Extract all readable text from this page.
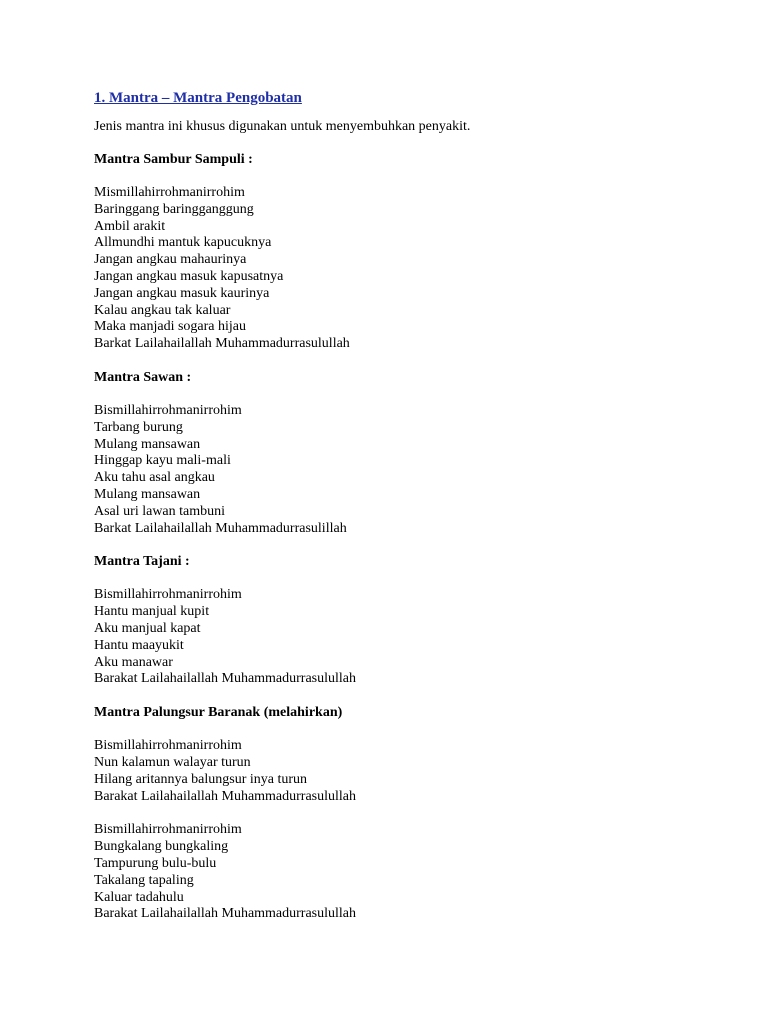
1. Mantra – Mantra Pengobatan
Jenis mantra ini khusus digunakan untuk menyembuhkan penyakit.
Mantra Sambur Sampuli :
Mismillahirrohmanirrohim
Baringgang baringganggung
Ambil arakit
Allmundhi mantuk kapucuknya
Jangan angkau mahaurinya
Jangan angkau masuk kapusatnya
Jangan angkau masuk kaurinya
Kalau angkau tak kaluar
Maka manjadi sogara hijau
Barkat Lailahailallah Muhammadurrasulullah
Mantra Sawan :
Bismillahirrohmanirrohim
Tarbang burung
Mulang mansawan
Hinggap kayu mali-mali
Aku tahu asal angkau
Mulang mansawan
Asal uri lawan tambuni
Barkat Lailahailallah Muhammadurrasulillah
Mantra Tajani :
Bismillahirrohmanirrohim
Hantu manjual kupit
Aku manjual kapat
Hantu maayukit
Aku manawar
Barakat Lailahailallah Muhammadurrasulullah
Mantra Palungsur Baranak (melahirkan)
Bismillahirrohmanirrohim
Nun kalamun walayar turun
Hilang aritannya balungsur inya turun
Barakat Lailahailallah Muhammadurrasulullah
Bismillahirrohmanirrohim
Bungkalang bungkaling
Tampurung bulu-bulu
Takalang tapaling
Kaluar tadahulu
Barakat Lailahailallah Muhammadurrasulullah
